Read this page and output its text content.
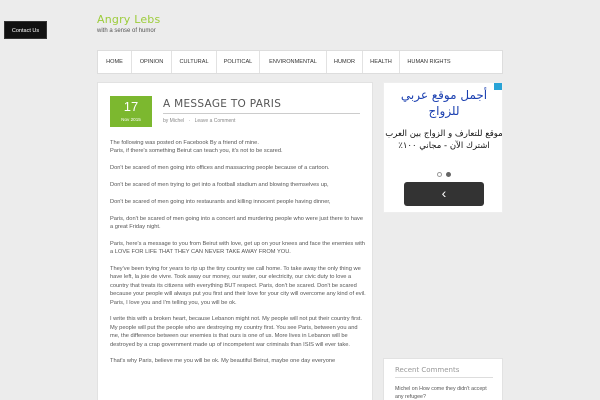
Contact Us
Angry Lebs
with a sense of humor
HOME	OPINION	CULTURAL	POLITICAL	ENVIRONMENTAL	HUMOR	HEALTH	HUMAN RIGHTS
17
Nov 2015
A MESSAGE TO PARIS
by Michel · Leave a Comment

The following was posted on Facebook By a friend of mine.
Paris, if there's something Beirut can teach you, it's not to be scared.

Don't be scared of men going into offices and massacring people because of a cartoon.

Don't be scared of men trying to get into a football stadium and blowing themselves up,

Don't be scared of men going into restaurants and killing innocent people having dinner,

Paris, don't be scared of men going into a concert and murdering people who were just there to have a great Friday night.

Paris, here's a message to you from Beirut with love, get up on your knees and face the enemies with a LOVE FOR LIFE THAT THEY CAN NEVER TAKE AWAY FROM YOU.

They've been trying for years to rip up the tiny country we call home. To take away the only thing we have left, la joie de vivre. Took away our money, our water, our electricity, our civic duty to love a country that treats its citizens with everything BUT respect. Paris, don't be scared. Don't be scared because your people will always put you first and their love for your city will overcome any kind of evil. Paris, I love you and I'm telling you, you will be ok.

I write this with a broken heart, because Lebanon might not. My people will not put their country first. My people will put the people who are destroying my country first. You see Paris, between you and me, the difference between our enemies is that ours is one of us. More lives in Lebanon will be destroyed by a crap government made up of incompetent war criminals than ISIS will ever take.

That's why Paris, believe me you will be ok. My beautiful Beirut, maybe one day everyone

أجمل موقع عربي للزواج
موقع للتعارف و الزواج بين العرب اشترك الآن - مجاني ١٠٠٪
‹
Recent Comments
Michel on How come they didn't accept any refugee?
